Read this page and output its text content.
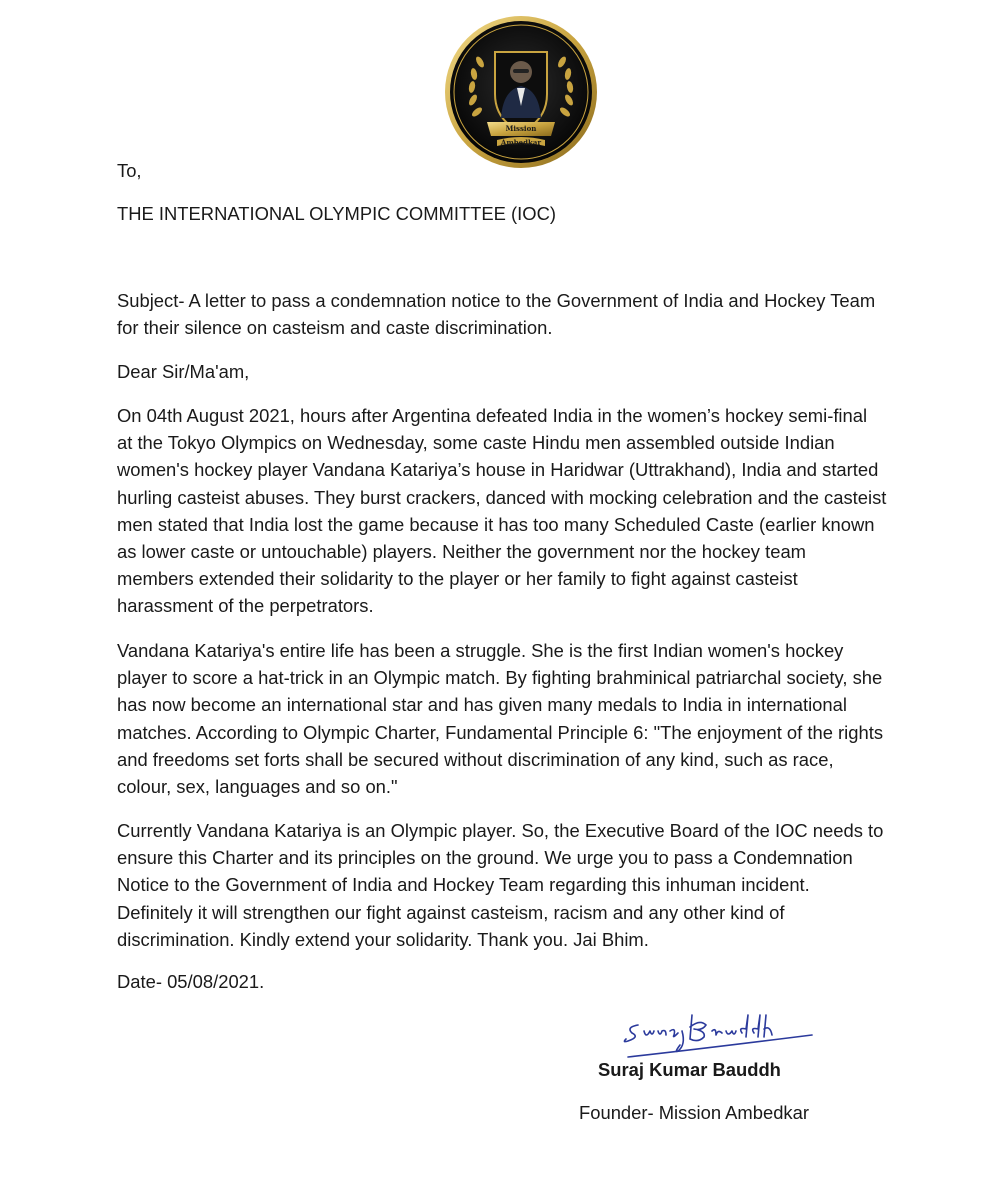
Mission Ambedkar

To,

THE INTERNATIONAL OLYMPIC COMMITTEE (IOC)

Subject- A letter to pass a condemnation notice to the Government of India and Hockey Team for their silence on casteism and caste discrimination.

Dear Sir/Ma'am,

On 04th August 2021, hours after Argentina defeated India in the women’s hockey semi-final at the Tokyo Olympics on Wednesday, some caste Hindu men assembled outside Indian women's hockey player Vandana Katariya’s house in Haridwar (Uttrakhand), India and started hurling casteist abuses. They burst crackers, danced with mocking celebration and the casteist men stated that India lost the game because it has too many Scheduled Caste (earlier known as lower caste or untouchable) players. Neither the government nor the hockey team members extended their solidarity to the player or her family to fight against casteist harassment of the perpetrators.

Vandana Katariya's entire life has been a struggle. She is the first Indian women's hockey player to score a hat-trick in an Olympic match. By fighting brahminical patriarchal society, she has now become an international star and has given many medals to India in international matches. According to Olympic Charter, Fundamental Principle 6: "The enjoyment of the rights and freedoms set forts shall be secured without discrimination of any kind, such as race, colour, sex, languages and so on."

Currently Vandana Katariya is an Olympic player. So, the Executive Board of the IOC needs to ensure this Charter and its principles on the ground. We urge you to pass a Condemnation Notice to the Government of India and Hockey Team regarding this inhuman incident. Definitely it will strengthen our fight against casteism, racism and any other kind of discrimination. Kindly extend your solidarity. Thank you. Jai Bhim.

Date- 05/08/2021.

Suraj Kumar Bauddh

Founder- Mission Ambedkar
